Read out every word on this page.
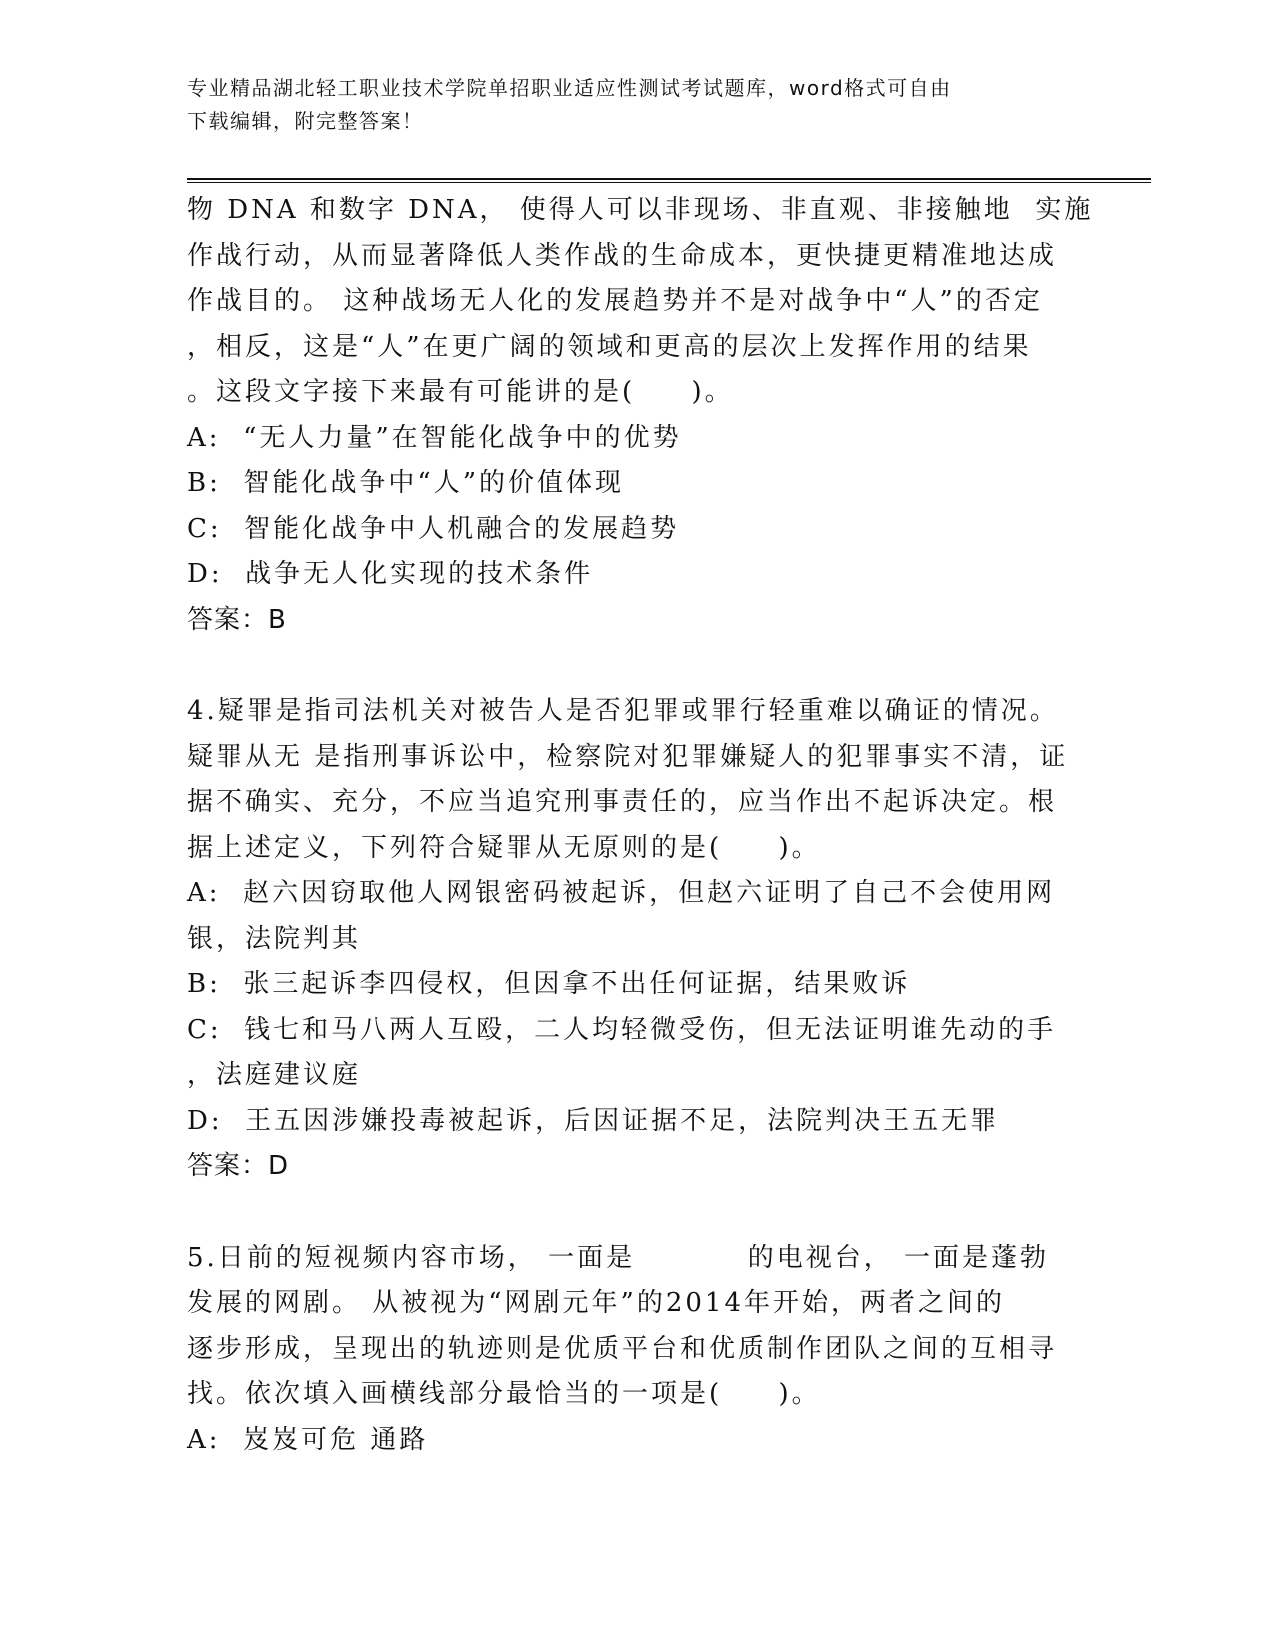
专业精品湖北轻工职业技术学院单招职业适应性测试考试题库，word格式可自由
下载编辑，附完整答案！
物 DNA 和数字 DNA， 使得人可以非现场、非直观、非接触地  实施
作战行动，从而显著降低人类作战的生命成本，更快捷更精准地达成
作战目的。 这种战场无人化的发展趋势并不是对战争中“人”的否定
，相反，这是“人”在更广阔的领域和更高的层次上发挥作用的结果
。这段文字接下来最有可能讲的是(     )。
A:  “无人力量”在智能化战争中的优势
B:  智能化战争中“人”的价值体现
C:  智能化战争中人机融合的发展趋势
D:  战争无人化实现的技术条件
答案：B
4.疑罪是指司法机关对被告人是否犯罪或罪行轻重难以确证的情况。
疑罪从无 是指刑事诉讼中，检察院对犯罪嫌疑人的犯罪事实不清，证
据不确实、充分，不应当追究刑事责任的，应当作出不起诉决定。根
据上述定义，下列符合疑罪从无原则的是(     )。
A:  赵六因窃取他人网银密码被起诉，但赵六证明了自己不会使用网
银，法院判其
B:  张三起诉李四侵权，但因拿不出任何证据，结果败诉
C:  钱七和马八两人互殴，二人均轻微受伤，但无法证明谁先动的手
，法庭建议庭
D:  王五因涉嫌投毒被起诉，后因证据不足，法院判决王五无罪
答案：D
5.日前的短视频内容市场， 一面是          的电视台， 一面是蓬勃
发展的网剧。 从被视为“网剧元年”的2014年开始，两者之间的
逐步形成，呈现出的轨迹则是优质平台和优质制作团队之间的互相寻
找。依次填入画横线部分最恰当的一项是(     )。
A:  岌岌可危 通路
